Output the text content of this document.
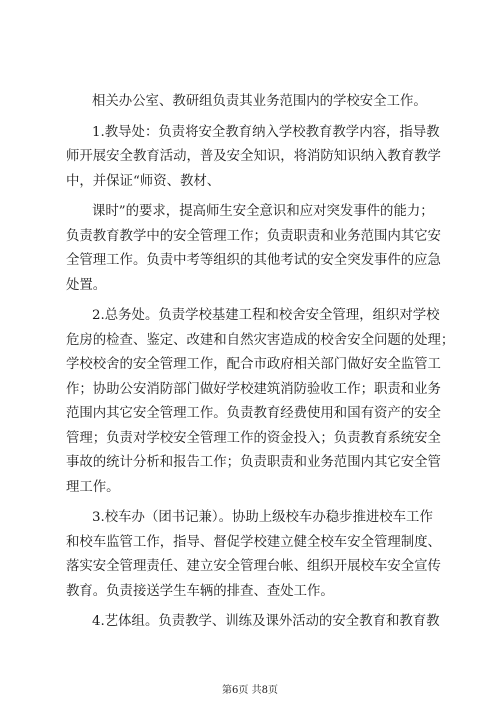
相关办公室、教研组负责其业务范围内的学校安全工作。
1.教导处：负责将安全教育纳入学校教育教学内容，指导教
师开展安全教育活动，普及安全知识，将消防知识纳入教育教学
中，并保证“师资、教材、
课时”的要求，提高师生安全意识和应对突发事件的能力；
负责教育教学中的安全管理工作；负责职责和业务范围内其它安
全管理工作。负责中考等组织的其他考试的安全突发事件的应急
处置。
2.总务处。负责学校基建工程和校舍安全管理，组织对学校
危房的检查、鉴定、改建和自然灾害造成的校舍安全问题的处理；
学校校舍的安全管理工作，配合市政府相关部门做好安全监管工
作；协助公安消防部门做好学校建筑消防验收工作；职责和业务
范围内其它安全管理工作。负责教育经费使用和国有资产的安全
管理；负责对学校安全管理工作的资金投入；负责教育系统安全
事故的统计分析和报告工作；负责职责和业务范围内其它安全管
理工作。
3.校车办（团书记兼）。协助上级校车办稳步推进校车工作
和校车监管工作，指导、督促学校建立健全校车安全管理制度、
落实安全管理责任、建立安全管理台帐、组织开展校车安全宣传
教育。负责接送学生车辆的排查、查处工作。
4.艺体组。负责教学、训练及课外活动的安全教育和教育教
第6页 共8页
